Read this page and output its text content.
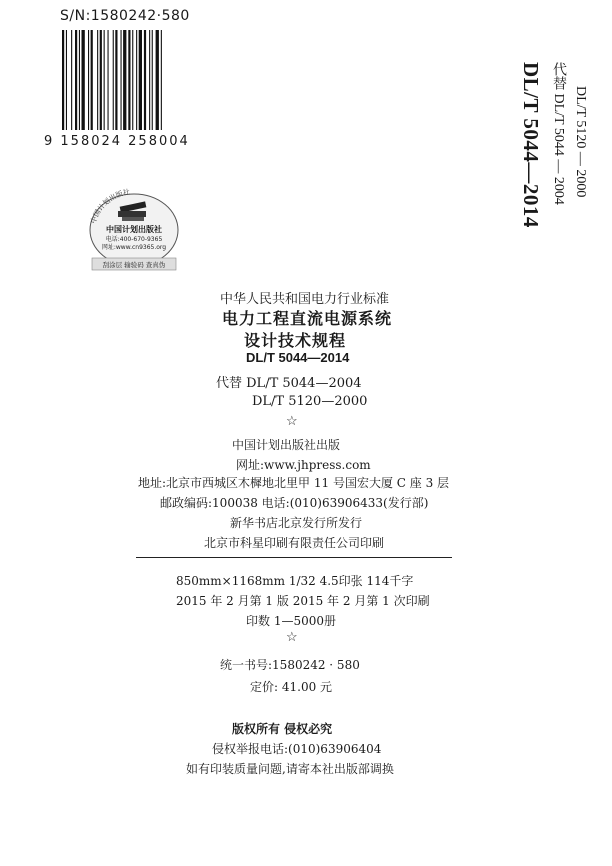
S/N:1580242·580
9 158024 258004
中国计划出版社
中国计划出版社
电话:400-670-9365
网址:www.cn9365.org
刮涂层 输验码 查真伪
DL/T 5044—2014 代替 DL/T 5044 — 2004 DL/T 5120 — 2000
中华人民共和国电力行业标准
电力工程直流电源系统
设计技术规程
DL/T 5044—2014
代替 DL/T 5044—2004
DL/T 5120—2000
☆
中国计划出版社出版
网址:www.jhpress.com
地址:北京市西城区木樨地北里甲 11 号国宏大厦 C 座 3 层
邮政编码:100038 电话:(010)63906433(发行部)
新华书店北京发行所发行
北京市科星印刷有限责任公司印刷
850mm×1168mm 1/32 4.5印张 114千字
2015 年 2 月第 1 版 2015 年 2 月第 1 次印刷
印数 1—5000册
☆
统一书号:1580242 · 580
定价: 41.00 元
版权所有 侵权必究
侵权举报电话:(010)63906404
如有印装质量问题,请寄本社出版部调换
